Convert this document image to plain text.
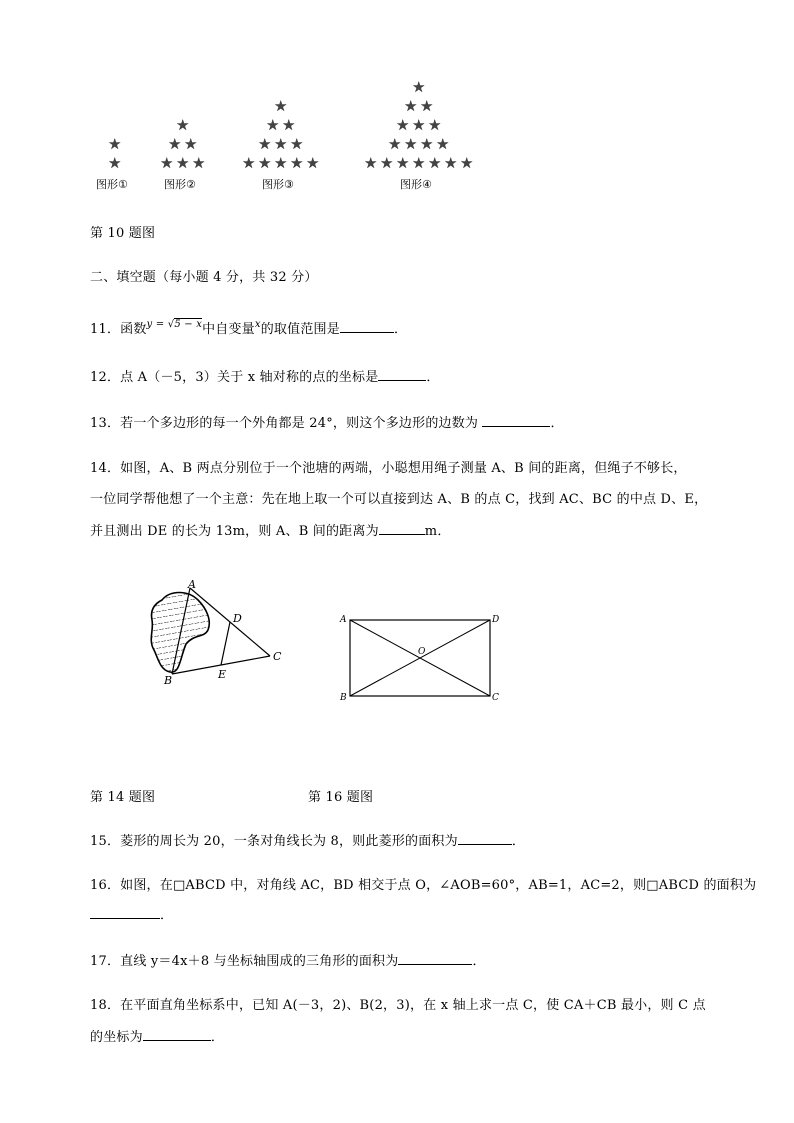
★
★
图形①
★
★ ★
★ ★ ★
图形②
★
★ ★
★ ★ ★
★ ★ ★ ★ ★
图形③
★
★ ★
★ ★ ★
★ ★ ★ ★
★ ★ ★ ★ ★ ★ ★
图形④
第 10 题图
二、填空题（每小题 4 分，共 32 分）
11．函数$^y$ = √5 − x中自变量$^x$的取值范围是	．
12．点 A（－5，3）关于 x 轴对称的点的坐标是	．
13．若一个多边形的每一个外角都是 24°，则这个多边形的边数为	．
14．如图，A、B 两点分别位于一个池塘的两端，小聪想用绳子测量 A、B 间的距离，但绳子不够长，
一位同学帮他想了一个主意：先在地上取一个可以直接到达 A、B 的点 C，找到 AC、BC 的中点 D、E，
并且测出 DE 的长为 13m，则 A、B 间的距离为	m．
A
B
C
D
E
A
B	C
D
O
第 14 题图	第 16 题图
15．菱形的周长为 20，一条对角线长为 8，则此菱形的面积为	．
16．如图，在□ABCD 中，对角线 AC，BD 相交于点 O，∠AOB=60°，AB=1，AC=2，则□ABCD 的面积为
．
17．直线 y＝4x＋8 与坐标轴围成的三角形的面积为	．
18．在平面直角坐标系中，已知 A(－3，2)、B(2，3)，在 x 轴上求一点 C，使 CA＋CB 最小，则 C 点
的坐标为	．
